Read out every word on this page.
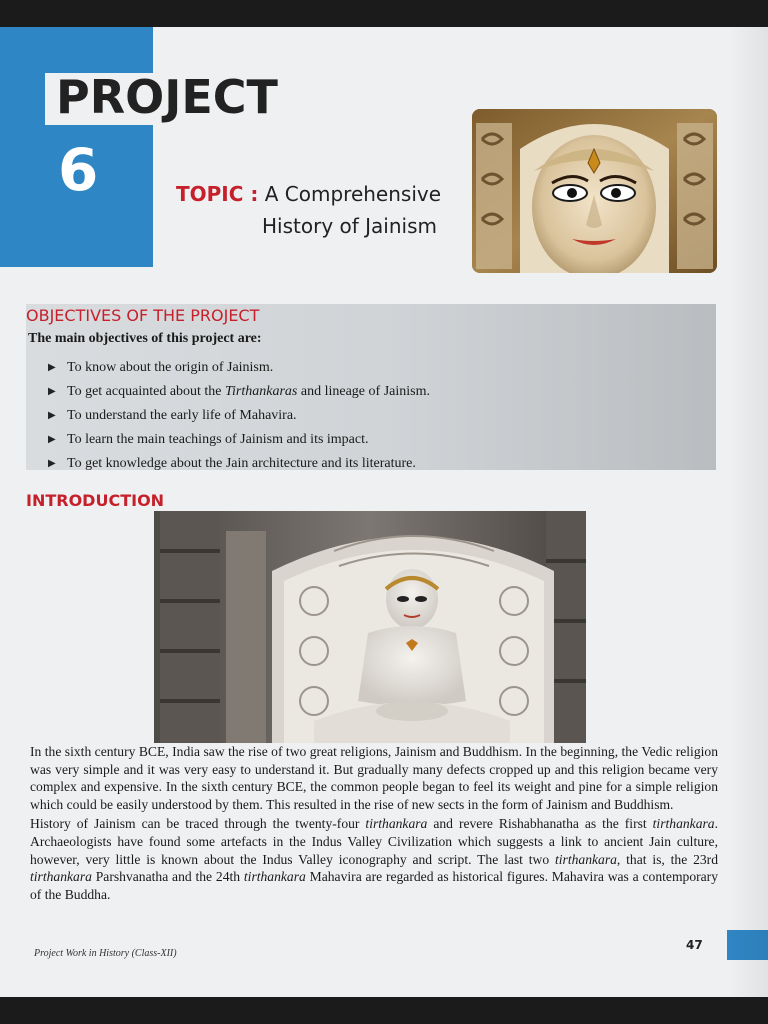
PROJECT
6	TOPIC : A Comprehensive
History of Jainism
OBJECTIVES OF THE PROJECT
The main objectives of this project are:
▶ To know about the origin of Jainism.
▶ To get acquainted about the Tirthankaras and lineage of Jainism.
▶ To understand the early life of Mahavira.
▶ To learn the main teachings of Jainism and its impact.
▶ To get knowledge about the Jain architecture and its literature.
INTRODUCTION

In the sixth century BCE, India saw the rise of two great religions, Jainism and Buddhism. In the beginning, the Vedic religion was very simple and it was very easy to understand it. But gradually many defects cropped up and this religion became very complex and expensive. In the sixth century BCE, the common people began to feel its weight and pine for a simple religion which could be easily understood by them. This resulted in the rise of new sects in the form of Jainism and Buddhism.

History of Jainism can be traced through the twenty-four tirthankara and revere Rishabhanatha as the first tirthankara. Archaeologists have found some artefacts in the Indus Valley Civilization which suggests a link to ancient Jain culture, however, very little is known about the Indus Valley iconography and script. The last two tirthankara, that is, the 23rd tirthankara Parshvanatha and the 24th tirthankara Mahavira are regarded as historical figures. Mahavira was a contemporary of the Buddha.

Project Work in History (Class-XII)
47
